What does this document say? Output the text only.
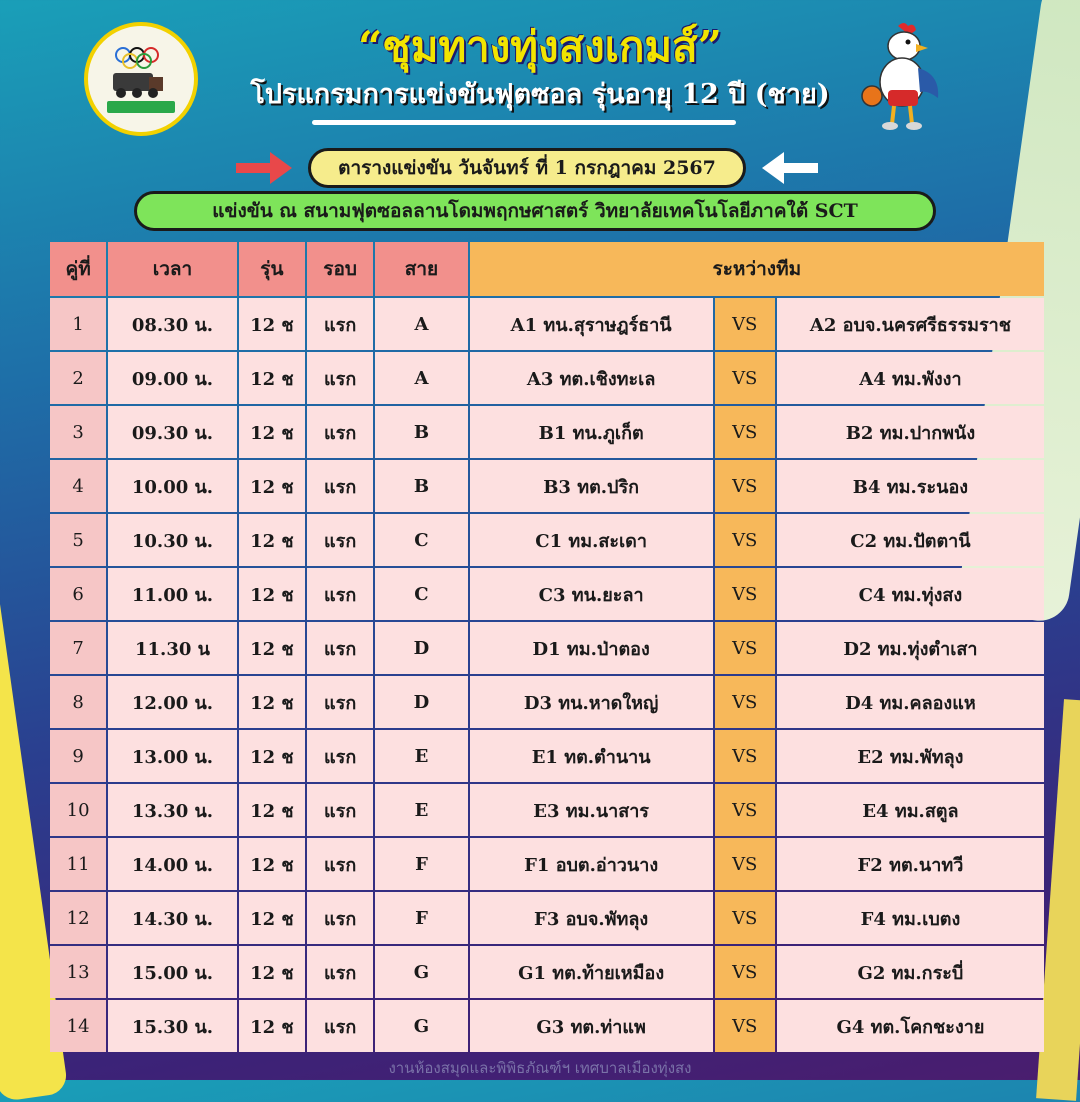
“ชุมทางทุ่งสงเกมส์”
โปรแกรมการแข่งขันฟุตซอล รุ่นอายุ 12 ปี (ชาย)
ตารางแข่งขัน วันจันทร์ ที่ 1 กรกฎาคม 2567
แข่งขัน ณ สนามฟุตซอลลานโดมพฤกษศาสตร์ วิทยาลัยเทคโนโลยีภาคใต้ SCT
คู่ที่	เวลา	รุ่น	รอบ	สาย	ระหว่างทีม		
1	08.30 น.	12 ช	แรก	A	A1 ทน.สุราษฎร์ธานี	VS	A2 อบจ.นครศรีธรรมราช
2	09.00 น.	12 ช	แรก	A	A3 ทต.เชิงทะเล	VS	A4 ทม.พังงา
3	09.30 น.	12 ช	แรก	B	B1 ทน.ภูเก็ต	VS	B2 ทม.ปากพนัง
4	10.00 น.	12 ช	แรก	B	B3 ทต.ปริก	VS	B4 ทม.ระนอง
5	10.30 น.	12 ช	แรก	C	C1 ทม.สะเดา	VS	C2 ทม.ปัตตานี
6	11.00 น.	12 ช	แรก	C	C3 ทน.ยะลา	VS	C4 ทม.ทุ่งสง
7	11.30 น	12 ช	แรก	D	D1 ทม.ป่าตอง	VS	D2 ทม.ทุ่งตำเสา
8	12.00 น.	12 ช	แรก	D	D3 ทน.หาดใหญ่	VS	D4 ทม.คลองแห
9	13.00 น.	12 ช	แรก	E	E1 ทต.ตำนาน	VS	E2 ทม.พัทลุง
10	13.30 น.	12 ช	แรก	E	E3 ทม.นาสาร	VS	E4 ทม.สตูล
11	14.00 น.	12 ช	แรก	F	F1 อบต.อ่าวนาง	VS	F2 ทต.นาทวี
12	14.30 น.	12 ช	แรก	F	F3 อบจ.พัทลุง	VS	F4 ทม.เบตง
13	15.00 น.	12 ช	แรก	G	G1 ทต.ท้ายเหมือง	VS	G2 ทม.กระบี่
14	15.30 น.	12 ช	แรก	G	G3 ทต.ท่าแพ	VS	G4 ทต.โคกชะงาย
งานห้องสมุดและพิพิธภัณฑ์ฯ เทศบาลเมืองทุ่งสง
